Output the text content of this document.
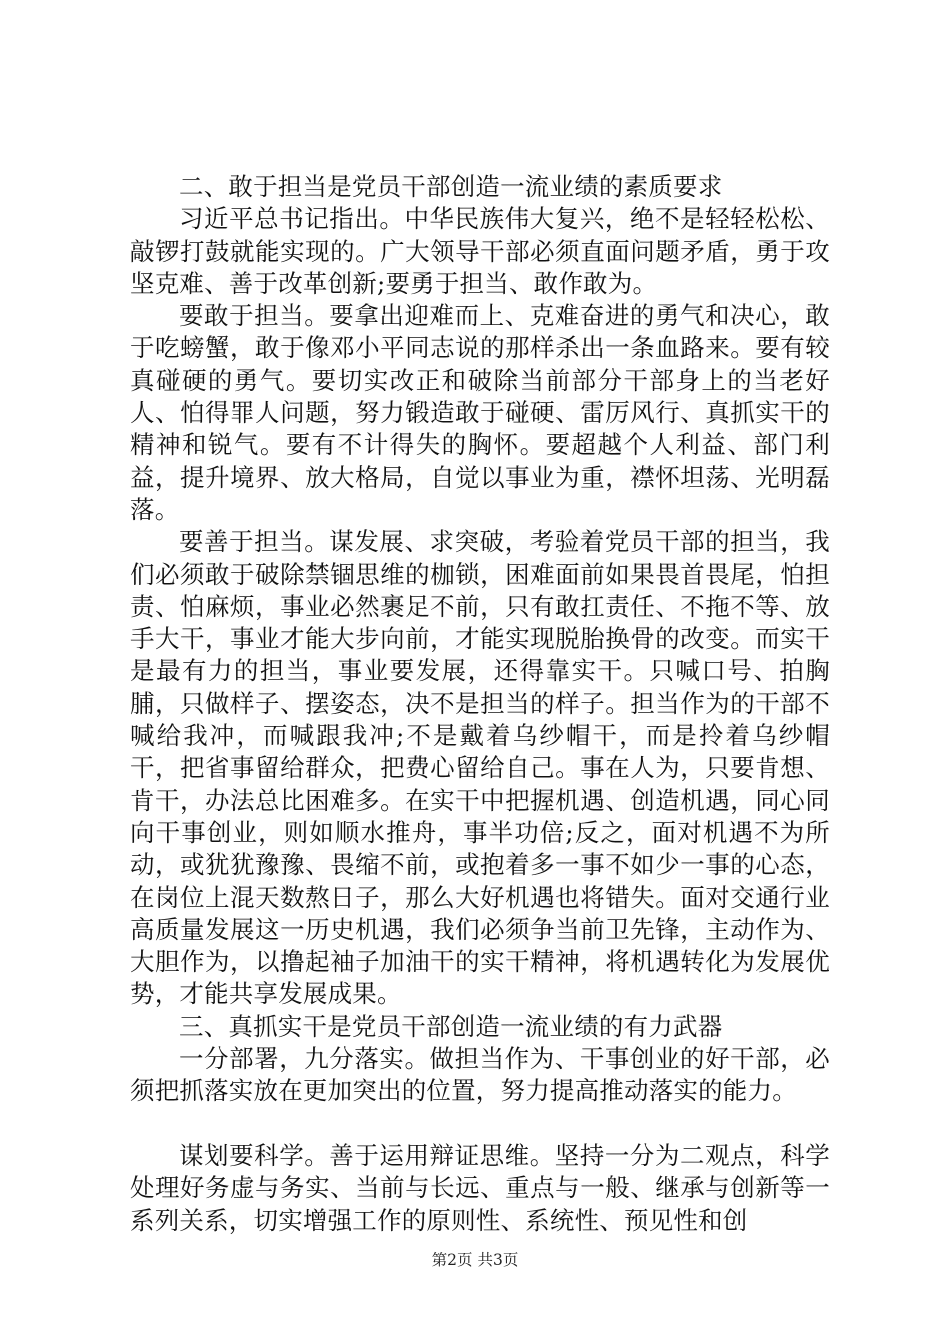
二、敢于担当是党员干部创造一流业绩的素质要求

习近平总书记指出。中华民族伟大复兴，绝不是轻轻松松、敲锣打鼓就能实现的。广大领导干部必须直面问题矛盾，勇于攻坚克难、善于改革创新;要勇于担当、敢作敢为。

要敢于担当。要拿出迎难而上、克难奋进的勇气和决心，敢于吃螃蟹，敢于像邓小平同志说的那样杀出一条血路来。要有较真碰硬的勇气。要切实改正和破除当前部分干部身上的当老好人、怕得罪人问题，努力锻造敢于碰硬、雷厉风行、真抓实干的精神和锐气。要有不计得失的胸怀。要超越个人利益、部门利益，提升境界、放大格局，自觉以事业为重，襟怀坦荡、光明磊落。

要善于担当。谋发展、求突破，考验着党员干部的担当，我们必须敢于破除禁锢思维的枷锁，困难面前如果畏首畏尾，怕担责、怕麻烦，事业必然裹足不前，只有敢扛责任、不拖不等、放手大干，事业才能大步向前，才能实现脱胎换骨的改变。而实干是最有力的担当，事业要发展，还得靠实干。只喊口号、拍胸脯，只做样子、摆姿态，决不是担当的样子。担当作为的干部不喊给我冲，而喊跟我冲;不是戴着乌纱帽干，而是拎着乌纱帽干，把省事留给群众，把费心留给自己。事在人为，只要肯想、肯干，办法总比困难多。在实干中把握机遇、创造机遇，同心同向干事创业，则如顺水推舟，事半功倍;反之，面对机遇不为所动，或犹犹豫豫、畏缩不前，或抱着多一事不如少一事的心态，在岗位上混天数熬日子，那么大好机遇也将错失。面对交通行业高质量发展这一历史机遇，我们必须争当前卫先锋，主动作为、大胆作为，以撸起袖子加油干的实干精神，将机遇转化为发展优势，才能共享发展成果。

三、真抓实干是党员干部创造一流业绩的有力武器

一分部署，九分落实。做担当作为、干事创业的好干部，必须把抓落实放在更加突出的位置，努力提高推动落实的能力。

谋划要科学。善于运用辩证思维。坚持一分为二观点，科学处理好务虚与务实、当前与长远、重点与一般、继承与创新等一系列关系，切实增强工作的原则性、系统性、预见性和创

第2页 共3页
